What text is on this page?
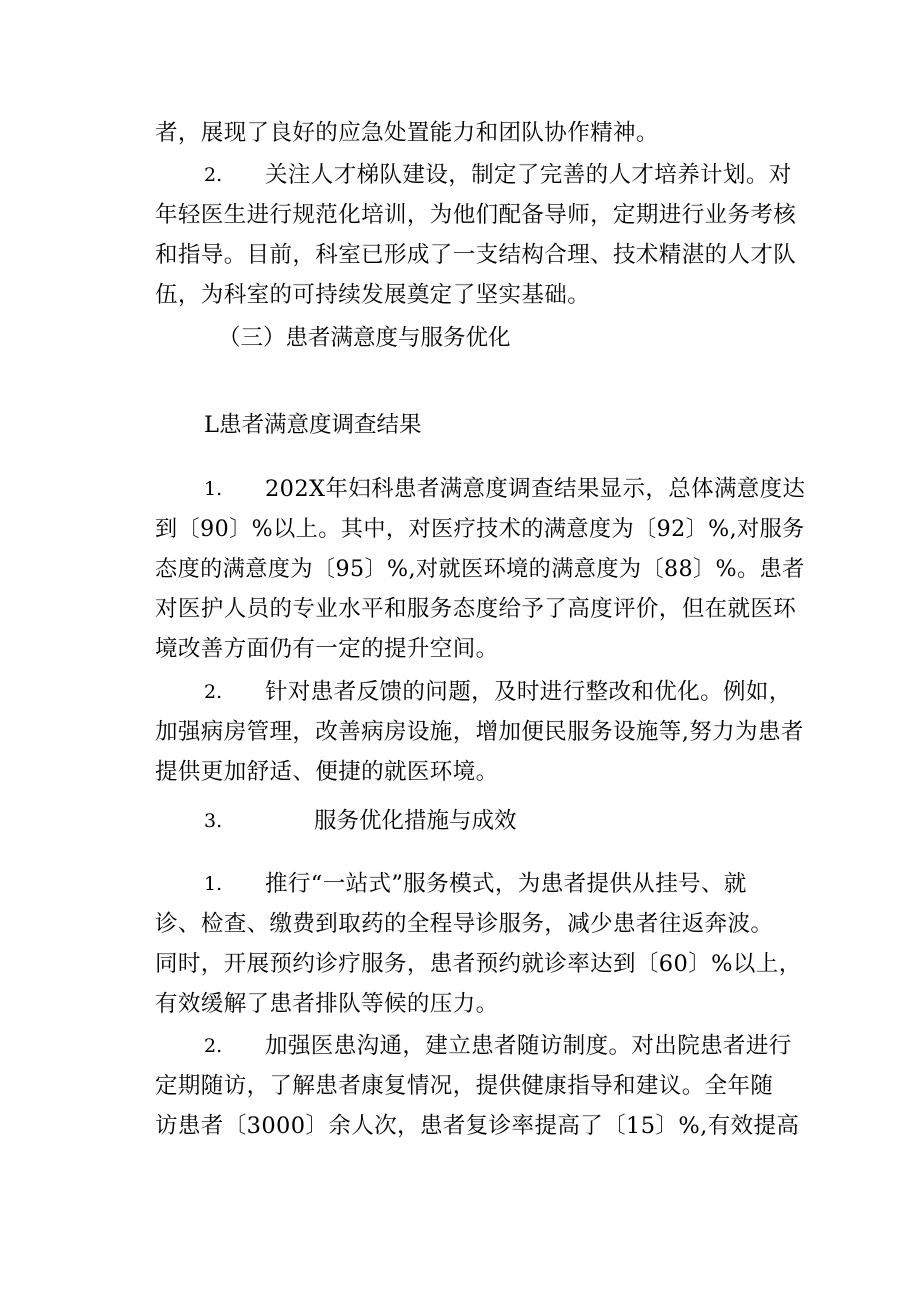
者，展现了良好的应急处置能力和团队协作精神。
2. 关注人才梯队建设，制定了完善的人才培养计划。对
年轻医生进行规范化培训，为他们配备导师，定期进行业务考核
和指导。目前，科室已形成了一支结构合理、技术精湛的人才队
伍，为科室的可持续发展奠定了坚实基础。
（三）患者满意度与服务优化
L患者满意度调查结果
1. 202X年妇科患者满意度调查结果显示，总体满意度达
到〔90〕%以上。其中，对医疗技术的满意度为〔92〕%,对服务
态度的满意度为〔95〕%,对就医环境的满意度为〔88〕%。患者
对医护人员的专业水平和服务态度给予了高度评价，但在就医环
境改善方面仍有一定的提升空间。
2. 针对患者反馈的问题，及时进行整改和优化。例如，
加强病房管理，改善病房设施，增加便民服务设施等,努力为患者
提供更加舒适、便捷的就医环境。
3.	服务优化措施与成效
1. 推行“一站式”服务模式，为患者提供从挂号、就
诊、检查、缴费到取药的全程导诊服务，减少患者往返奔波。
同时，开展预约诊疗服务，患者预约就诊率达到〔60〕%以上，
有效缓解了患者排队等候的压力。
2. 加强医患沟通，建立患者随访制度。对出院患者进行
定期随访，了解患者康复情况，提供健康指导和建议。全年随
访患者〔3000〕余人次，患者复诊率提高了〔15〕%,有效提高
